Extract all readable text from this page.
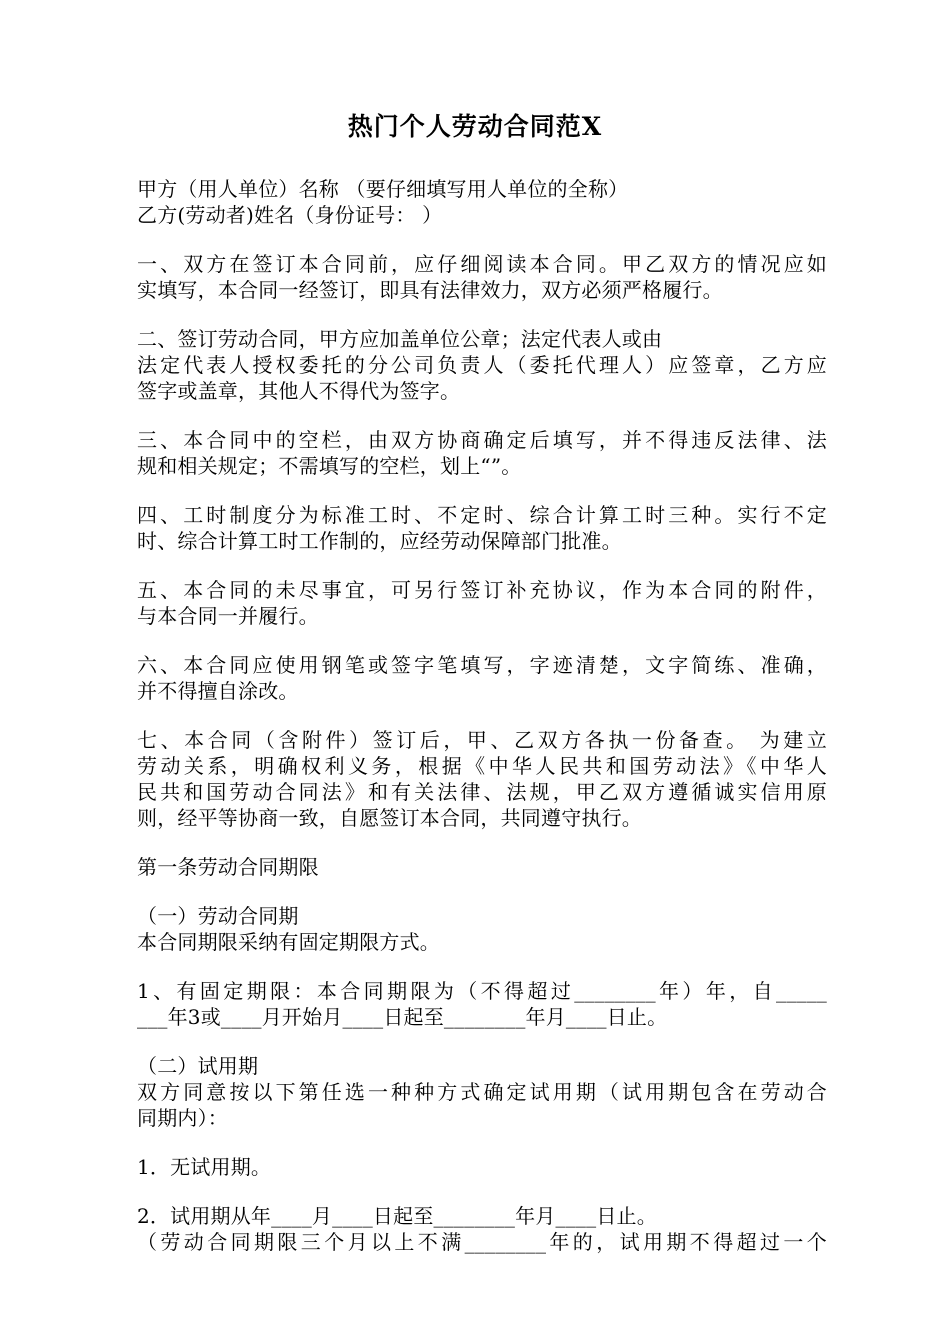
热门个人劳动合同范X
甲方（用人单位）名称 （要仔细填写用人单位的全称）
乙方(劳动者)姓名（身份证号： ）
一、双方在签订本合同前，应仔细阅读本合同。甲乙双方的情况应如
实填写，本合同一经签订，即具有法律效力，双方必须严格履行。
二、签订劳动合同，甲方应加盖单位公章；法定代表人或由
法定代表人授权委托的分公司负责人（委托代理人）应签章，乙方应
签字或盖章，其他人不得代为签字。
三、本合同中的空栏，由双方协商确定后填写，并不得违反法律、法
规和相关规定；不需填写的空栏，划上“”。
四、工时制度分为标准工时、不定时、综合计算工时三种。实行不定
时、综合计算工时工作制的，应经劳动保障部门批准。
五、本合同的未尽事宜，可另行签订补充协议，作为本合同的附件，
与本合同一并履行。
六、本合同应使用钢笔或签字笔填写，字迹清楚，文字简练、准确，
并不得擅自涂改。
七、本合同（含附件）签订后，甲、乙双方各执一份备查。 为建立
劳动关系，明确权利义务，根据《中华人民共和国劳动法》《中华人
民共和国劳动合同法》和有关法律、法规，甲乙双方遵循诚实信用原
则，经平等协商一致，自愿签订本合同，共同遵守执行。
第一条劳动合同期限
（一）劳动合同期
本合同期限采纳有固定期限方式。
1、有固定期限：本合同期限为（不得超过________年）年，自_____
___年3或____月开始月____日起至________年月____日止。
（二）试用期
双方同意按以下第任选一种种方式确定试用期（试用期包含在劳动合
同期内）：
1．无试用期。
2．试用期从年____月____日起至________年月____日止。
（劳动合同期限三个月以上不满________年的，试用期不得超过一个
